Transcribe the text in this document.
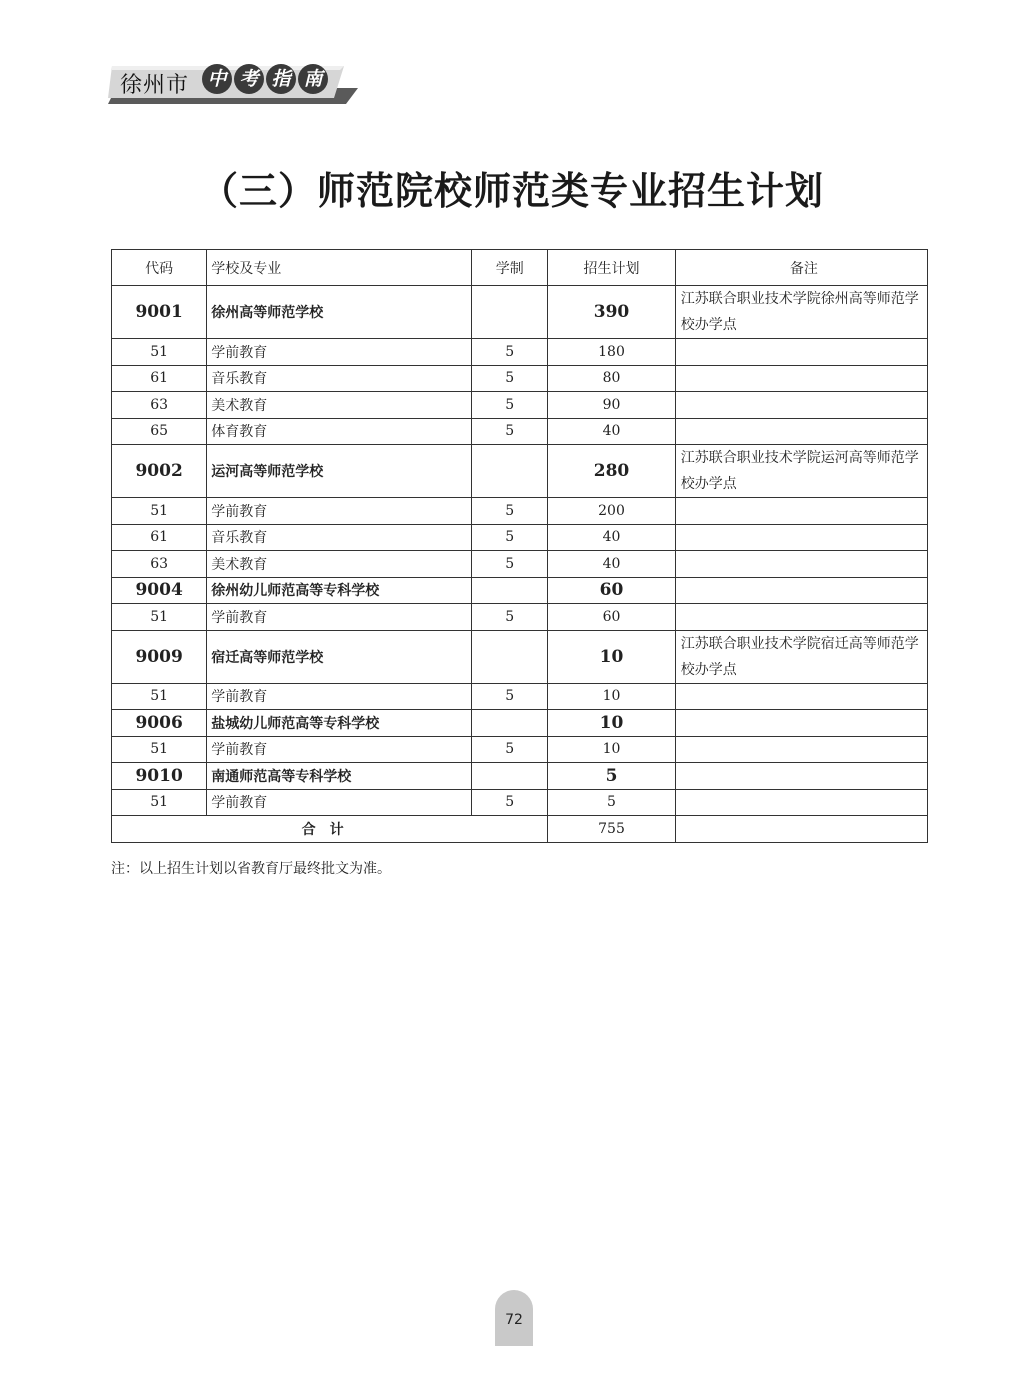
徐州市 中 考 指 南
（三）师范院校师范类专业招生计划
代码	学校及专业	学制	招生计划	备注
9001	徐州高等师范学校		390	江苏联合职业技术学院徐州高等师范学校办学点
51	学前教育	5	180	
61	音乐教育	5	80	
63	美术教育	5	90	
65	体育教育	5	40	
9002	运河高等师范学校		280	江苏联合职业技术学院运河高等师范学校办学点
51	学前教育	5	200	
61	音乐教育	5	40	
63	美术教育	5	40	
9004	徐州幼儿师范高等专科学校		60	
51	学前教育	5	60	
9009	宿迁高等师范学校		10	江苏联合职业技术学院宿迁高等师范学校办学点
51	学前教育	5	10	
9006	盐城幼儿师范高等专科学校		10	
51	学前教育	5	10	
9010	南通师范高等专科学校		5	
51	学前教育	5	5	
合计			755	
注：以上招生计划以省教育厅最终批文为准。
72
